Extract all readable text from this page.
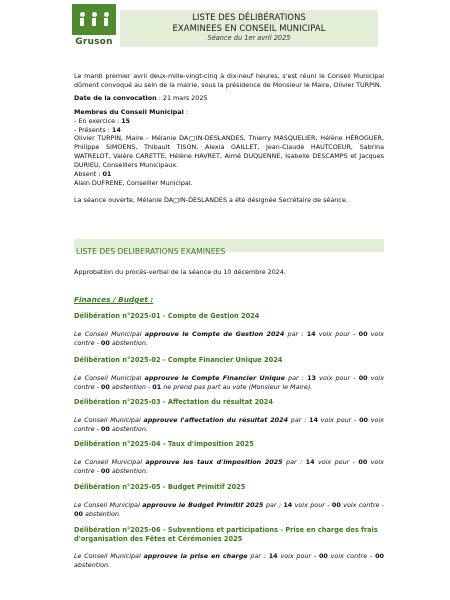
Gruson
LISTE DES DÉLIBÉRATIONS
EXAMINEES EN CONSEIL MUNICIPAL
Séance du 1er avril 2025

Le mardi premier avril deux-mille-vingt-cinq à dix-neuf heures, s'est réuni le Conseil Municipal dûment convoqué au sein de la mairie, sous la présidence de Monsieur le Maire, Olivier TURPIN.

Date de la convocation : 21 mars 2025

Membres du Conseil Municipal :

- En exercice : 15

- Présents : 14

Olivier TURPIN, Maire - Mélanie DA□IN-DESLANDES, Thierry MASQUELIER, Hélène HÉROGUER, Philippe SIMOENS, Thibault TISON, Alexia GAILLET, Jean-Claude HAUTCOEUR, Sabrina WATRELOT, Valère CARETTE, Hélène HAVRET, Aimé DUQUENNE, Isabelle DESCAMPS et Jacques DURIEU, Conseillers Municipaux.

Absent : 01

Alain DUFRENE, Conseiller Municipal.

La séance ouverte, Mélanie DA□IN-DESLANDES a été désignée Secrétaire de séance.

LISTE DES DELIBERATIONS EXAMINEES

Approbation du procès-verbal de la séance du 10 décembre 2024.

Finances / Budget :

Délibération n°2025-01 - Compte de Gestion 2024

Le Conseil Municipal approuve le Compte de Gestion 2024 par : 14 voix pour - 00 voix contre - 00 abstention.

Délibération n°2025-02 - Compte Financier Unique 2024

Le Conseil Municipal approuve le Compte Financier Unique par : 13 voix pour - 00 voix contre - 00 abstention - 01 ne prend pas part au vote (Monsieur le Maire).

Délibération n°2025-03 - Affectation du résultat 2024

Le Conseil Municipal approuve l'affectation du résultat 2024 par : 14 voix pour - 00 voix contre - 00 abstention.

Délibération n°2025-04 - Taux d'imposition 2025

Le Conseil Municipal approuve les taux d'imposition 2025 par : 14 voix pour - 00 voix contre - 00 abstention.

Délibération n°2025-05 - Budget Primitif 2025

Le Conseil Municipal approuve le Budget Primitif 2025 par : 14 voix pour - 00 voix contre - 00 abstention.

Délibération n°2025-06 - Subventions et participations - Prise en charge des frais d'organisation des Fêtes et Cérémonies 2025

Le Conseil Municipal approuve la prise en charge par : 14 voix pour - 00 voix contre - 00 abstention.
